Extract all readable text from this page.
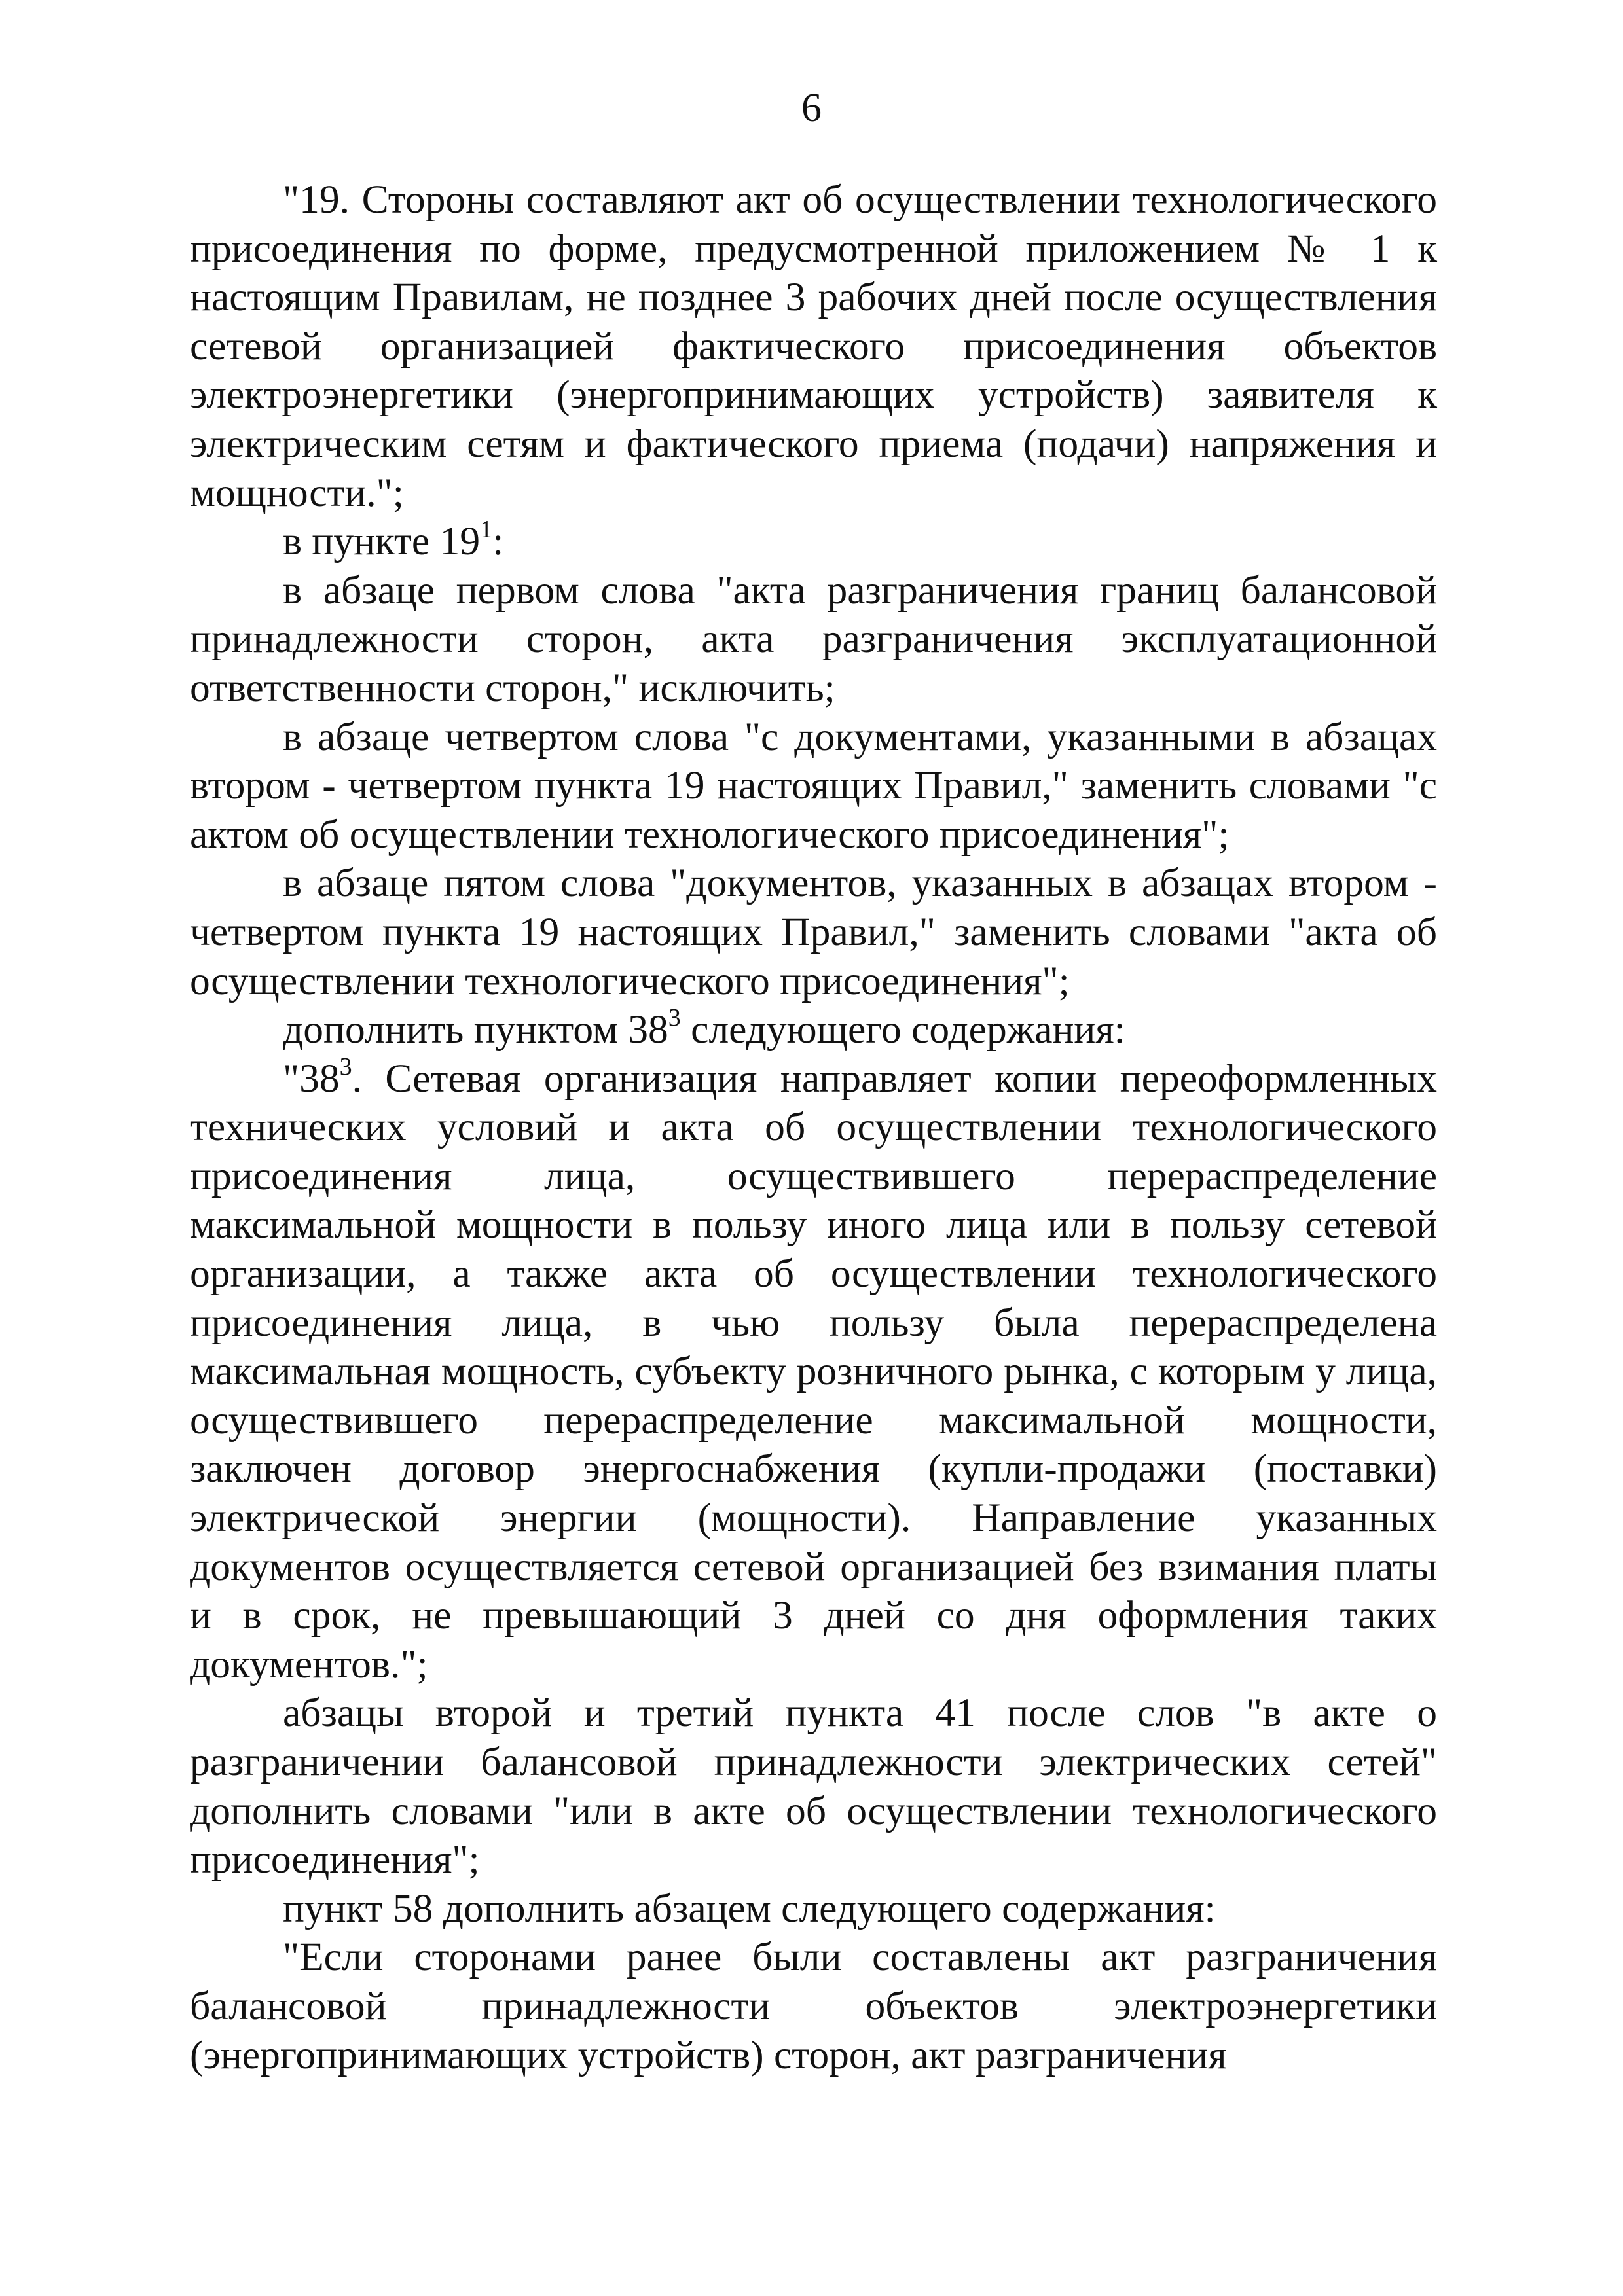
6

"19. Стороны составляют акт об осуществлении технологического присоединения по форме, предусмотренной приложением № 1 к настоящим Правилам, не позднее 3 рабочих дней после осуществления сетевой организацией фактического присоединения объектов электроэнергетики (энергопринимающих устройств) заявителя к электрическим сетям и фактического приема (подачи) напряжения и мощности.";

в пункте $19^1$:

в абзаце первом слова "акта разграничения границ балансовой принадлежности сторон, акта разграничения эксплуатационной ответственности сторон," исключить;

в абзаце четвертом слова "с документами, указанными в абзацах втором - четвертом пункта 19 настоящих Правил," заменить словами "с актом об осуществлении технологического присоединения";

в абзаце пятом слова "документов, указанных в абзацах втором - четвертом пункта 19 настоящих Правил," заменить словами "акта об осуществлении технологического присоединения";

дополнить пунктом $38^3$ следующего содержания:

"$38^3$. Сетевая организация направляет копии переоформленных технических условий и акта об осуществлении технологического присоединения лица, осуществившего перераспределение максимальной мощности в пользу иного лица или в пользу сетевой организации, а также акта об осуществлении технологического присоединения лица, в чью пользу была перераспределена максимальная мощность, субъекту розничного рынка, с которым у лица, осуществившего перераспределение максимальной мощности, заключен договор энергоснабжения (купли-продажи (поставки) электрической энергии (мощности). Направление указанных документов осуществляется сетевой организацией без взимания платы и в срок, не превышающий 3 дней со дня оформления таких документов.";

абзацы второй и третий пункта 41 после слов "в акте о разграничении балансовой принадлежности электрических сетей" дополнить словами "или в акте об осуществлении технологического присоединения";

пункт 58 дополнить абзацем следующего содержания:

"Если сторонами ранее были составлены акт разграничения балансовой принадлежности объектов электроэнергетики (энергопринимающих устройств) сторон, акт разграничения
